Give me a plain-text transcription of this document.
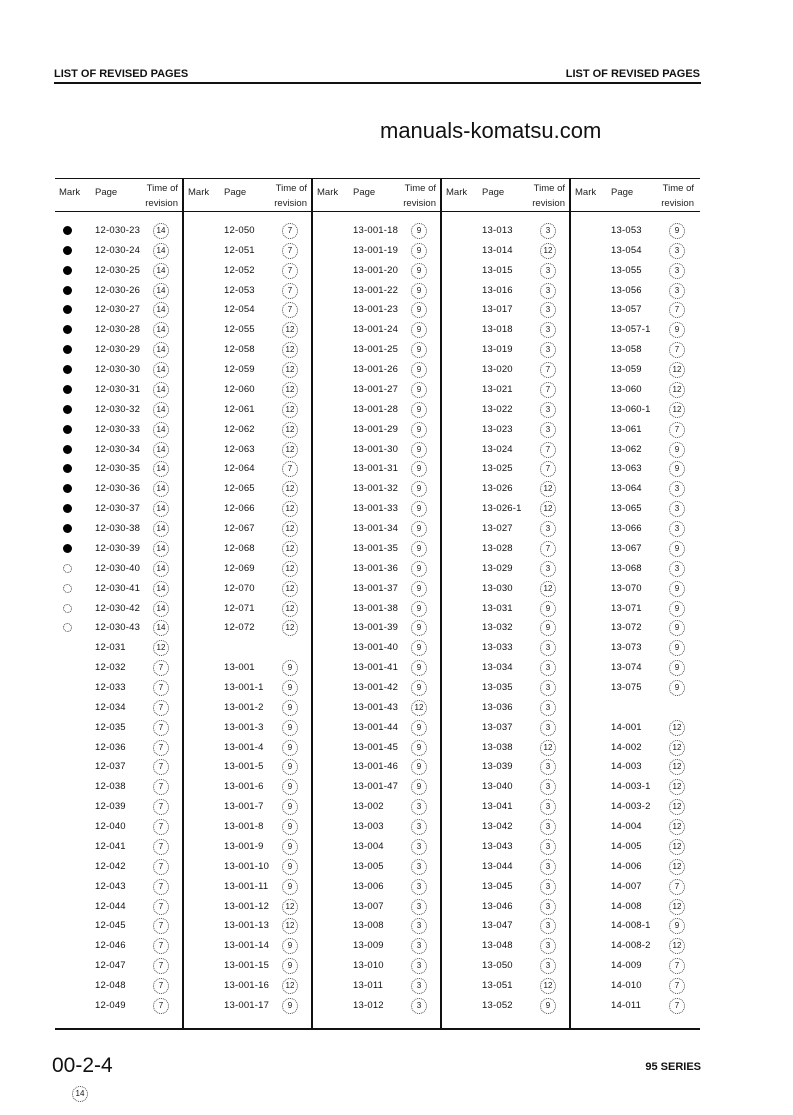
LIST OF REVISED PAGES	LIST OF REVISED PAGES
manuals-komatsu.com
Mark Page	Time of
revision
12-030-23	14
12-030-24	14
12-030-25	14
12-030-26	14
12-030-27	14
12-030-28	14
12-030-29	14
12-030-30	14
12-030-31	14
12-030-32	14
12-030-33	14
12-030-34	14
12-030-35	14
12-030-36	14
12-030-37	14
12-030-38	14
12-030-39	14
12-030-40	14
12-030-41	14
12-030-42	14
12-030-43	14
12-031	12
12-032	7
12-033	7
12-034	7
12-035	7
12-036	7
12-037	7
12-038	7
12-039	7
12-040	7
12-041	7
12-042	7
12-043	7
12-044	7
12-045	7
12-046	7
12-047	7
12-048	7
12-049	7
Mark Page	Time of
revision
12-050	7
12-051	7
12-052	7
12-053	7
12-054	7
12-055	12
12-058	12
12-059	12
12-060	12
12-061	12
12-062	12
12-063	12
12-064	7
12-065	12
12-066	12
12-067	12
12-068	12
12-069	12
12-070	12
12-071	12
12-072	12
13-001	9
13-001-1	9
13-001-2	9
13-001-3	9
13-001-4	9
13-001-5	9
13-001-6	9
13-001-7	9
13-001-8	9
13-001-9	9
13-001-10	9
13-001-11	9
13-001-12	12
13-001-13	12
13-001-14	9
13-001-15	9
13-001-16	12
13-001-17	9
Mark Page	Time of
revision
13-001-18	9
13-001-19	9
13-001-20	9
13-001-22	9
13-001-23	9
13-001-24	9
13-001-25	9
13-001-26	9
13-001-27	9
13-001-28	9
13-001-29	9
13-001-30	9
13-001-31	9
13-001-32	9
13-001-33	9
13-001-34	9
13-001-35	9
13-001-36	9
13-001-37	9
13-001-38	9
13-001-39	9
13-001-40	9
13-001-41	9
13-001-42	9
13-001-43	12
13-001-44	9
13-001-45	9
13-001-46	9
13-001-47	9
13-002	3
13-003	3
13-004	3
13-005	3
13-006	3
13-007	3
13-008	3
13-009	3
13-010	3
13-011	3
13-012	3
Mark Page	Time of
revision
13-013	3
13-014	12
13-015	3
13-016	3
13-017	3
13-018	3
13-019	3
13-020	7
13-021	7
13-022	3
13-023	3
13-024	7
13-025	7
13-026	12
13-026-1	12
13-027	3
13-028	7
13-029	3
13-030	12
13-031	9
13-032	9
13-033	3
13-034	3
13-035	3
13-036	3
13-037	3
13-038	12
13-039	3
13-040	3
13-041	3
13-042	3
13-043	3
13-044	3
13-045	3
13-046	3
13-047	3
13-048	3
13-050	3
13-051	12
13-052	9
Mark Page	Time of
revision
13-053	9
13-054	3
13-055	3
13-056	3
13-057	7
13-057-1	9
13-058	7
13-059	12
13-060	12
13-060-1	12
13-061	7
13-062	9
13-063	9
13-064	3
13-065	3
13-066	3
13-067	9
13-068	3
13-070	9
13-071	9
13-072	9
13-073	9
13-074	9
13-075	9
14-001	12
14-002	12
14-003	12
14-003-1	12
14-003-2	12
14-004	12
14-005	12
14-006	12
14-007	7
14-008	12
14-008-1	9
14-008-2	12
14-009	7
14-010	7
14-011	7
00-2-4
14
95 SERIES
